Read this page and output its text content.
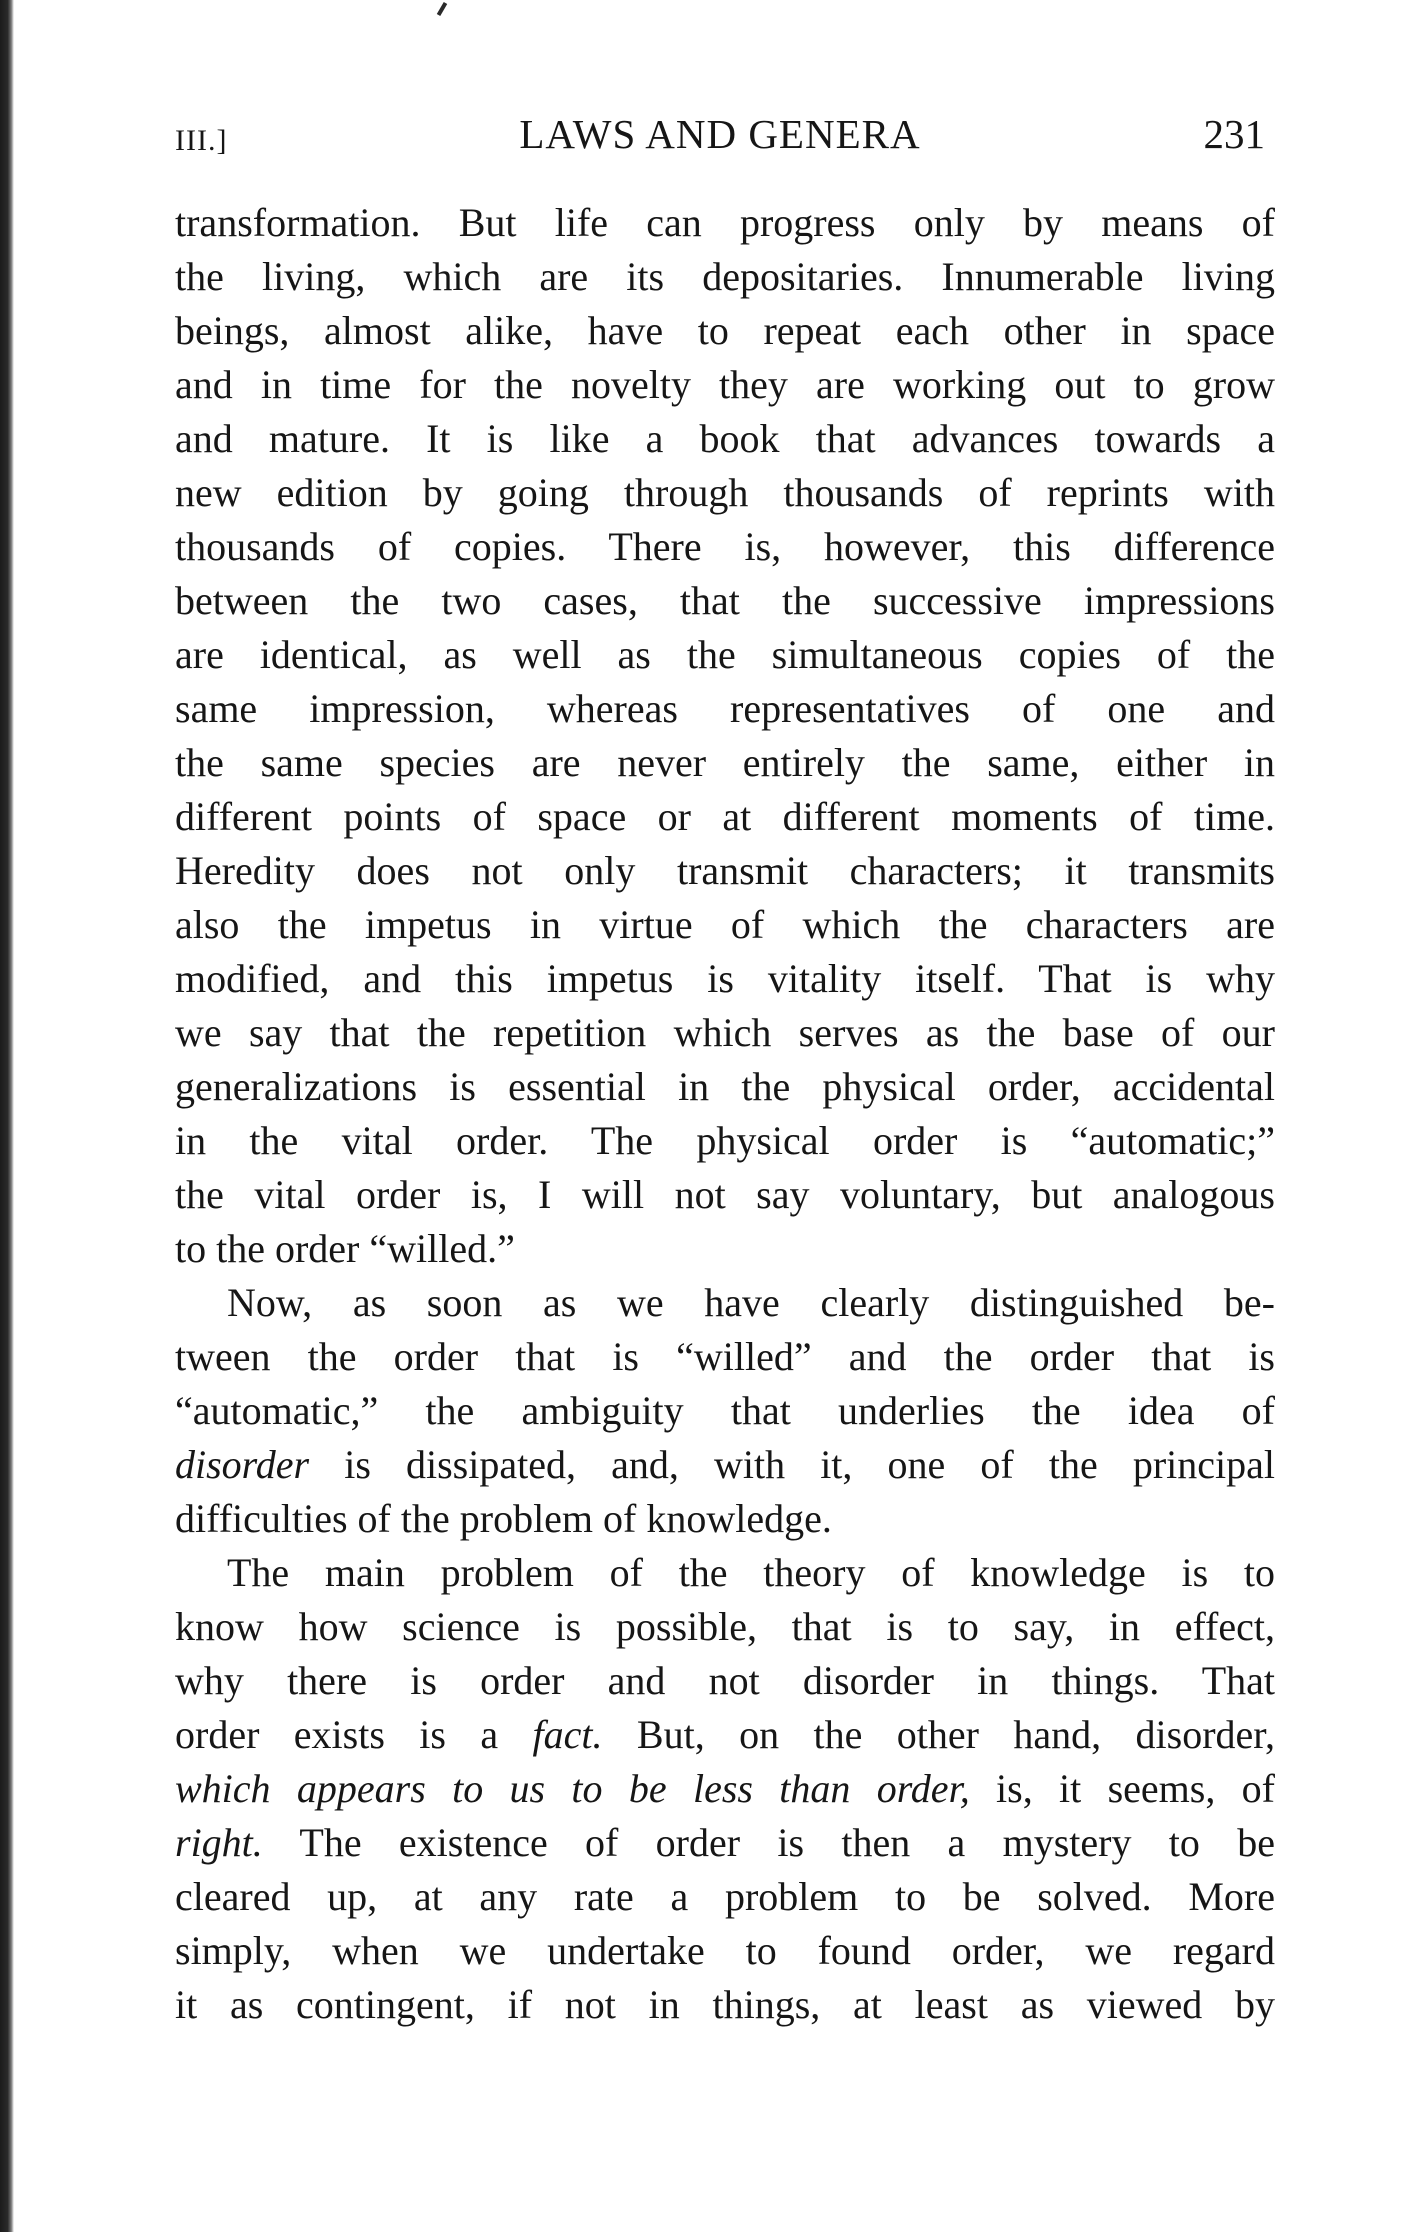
III.]	LAWS AND GENERA	231
transformation. But life can progress only by means of
the living, which are its depositaries. Innumerable living
beings, almost alike, have to repeat each other in space
and in time for the novelty they are working out to grow
and mature. It is like a book that advances towards a
new edition by going through thousands of reprints with
thousands of copies. There is, however, this difference
between the two cases, that the successive impressions
are identical, as well as the simultaneous copies of the
same impression, whereas representatives of one and
the same species are never entirely the same, either in
different points of space or at different moments of time.
Heredity does not only transmit characters; it transmits
also the impetus in virtue of which the characters are
modified, and this impetus is vitality itself. That is why
we say that the repetition which serves as the base of our
generalizations is essential in the physical order, accidental
in the vital order. The physical order is “automatic;”
the vital order is, I will not say voluntary, but analogous
to the order “willed.”
Now, as soon as we have clearly distinguished be-
tween the order that is “willed” and the order that is
“automatic,” the ambiguity that underlies the idea of
disorder is dissipated, and, with it, one of the principal
difficulties of the problem of knowledge.
The main problem of the theory of knowledge is to
know how science is possible, that is to say, in effect,
why there is order and not disorder in things. That
order exists is a fact. But, on the other hand, disorder,
which appears to us to be less than order, is, it seems, of
right. The existence of order is then a mystery to be
cleared up, at any rate a problem to be solved. More
simply, when we undertake to found order, we regard
it as contingent, if not in things, at least as viewed by
